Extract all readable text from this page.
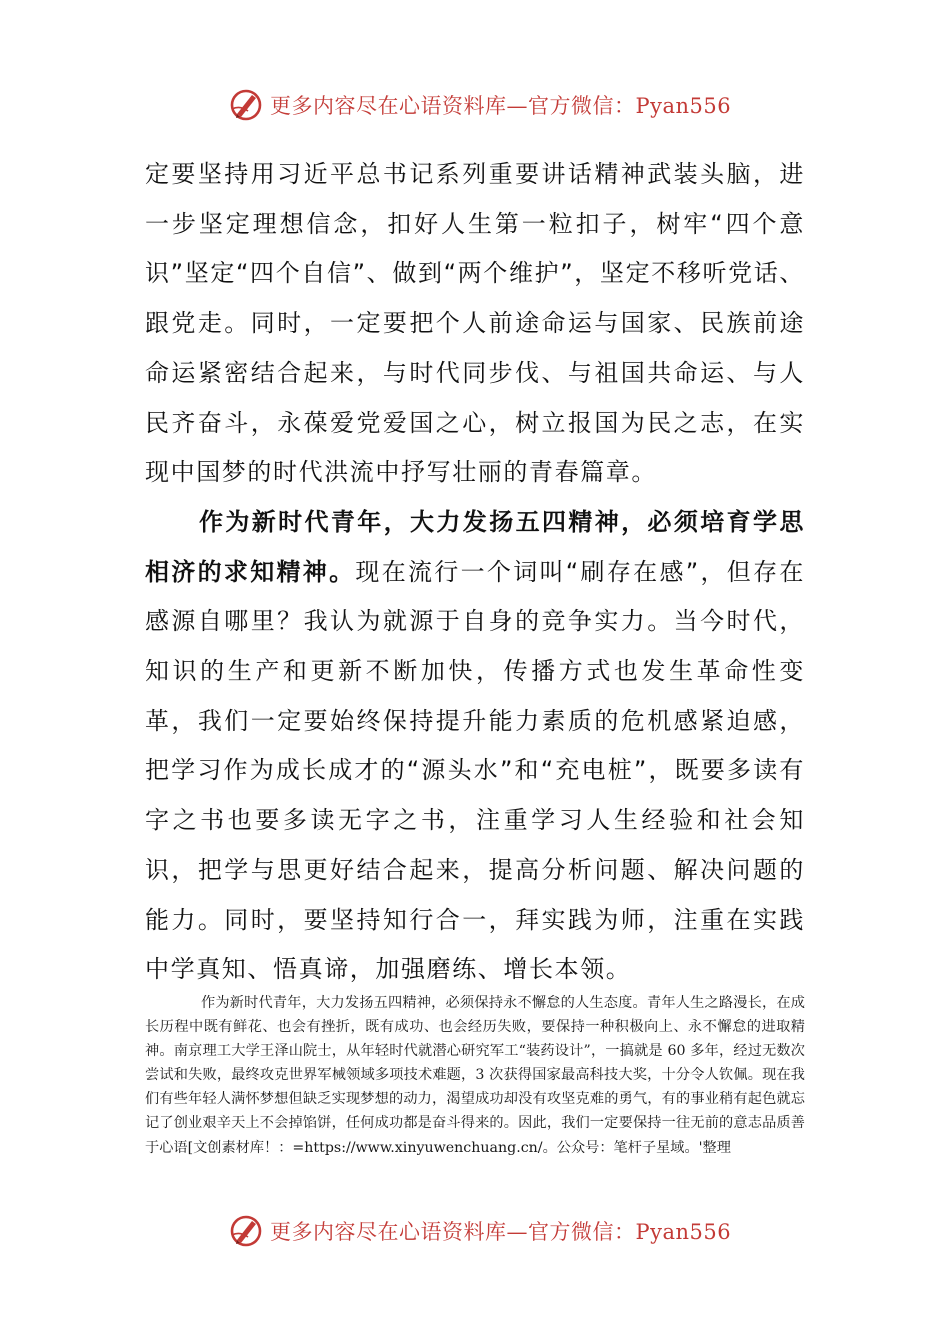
更多内容尽在心语资料库—官方微信：Pyan556

定要坚持用习近平总书记系列重要讲话精神武装头脑，进一步坚定理想信念，扣好人生第一粒扣子，树牢“四个意识”坚定“四个自信”、做到“两个维护”，坚定不移听党话、跟党走。同时，一定要把个人前途命运与国家、民族前途命运紧密结合起来，与时代同步伐、与祖国共命运、与人民齐奋斗，永葆爱党爱国之心，树立报国为民之志，在实现中国梦的时代洪流中抒写壮丽的青春篇章。

作为新时代青年，大力发扬五四精神，必须培育学思相济的求知精神。现在流行一个词叫“刷存在感”，但存在感源自哪里？我认为就源于自身的竞争实力。当今时代，知识的生产和更新不断加快，传播方式也发生革命性变革，我们一定要始终保持提升能力素质的危机感紧迫感，把学习作为成长成才的“源头水”和“充电桩”，既要多读有字之书也要多读无字之书，注重学习人生经验和社会知识，把学与思更好结合起来，提高分析问题、解决问题的能力。同时，要坚持知行合一，拜实践为师，注重在实践中学真知、悟真谛，加强磨练、增长本领。

作为新时代青年，大力发扬五四精神，必须保持永不懈怠的人生态度。青年人生之路漫长，在成长历程中既有鲜花、也会有挫折，既有成功、也会经历失败，要保持一种积极向上、永不懈怠的进取精神。南京理工大学王泽山院士，从年轻时代就潜心研究军工“装药设计”，一搞就是 60 多年，经过无数次尝试和失败，最终攻克世界军械领域多项技术难题，3 次获得国家最高科技大奖，十分令人钦佩。现在我们有些年轻人满怀梦想但缺乏实现梦想的动力，渴望成功却没有攻坚克难的勇气，有的事业稍有起色就忘记了创业艰辛天上不会掉馅饼，任何成功都是奋斗得来的。因此，我们一定要保持一往无前的意志品质善于心语[文创素材库！：=https://www.xinyuwenchuang.cn/。公众号：笔杆子星域。'整理

更多内容尽在心语资料库—官方微信：Pyan556
